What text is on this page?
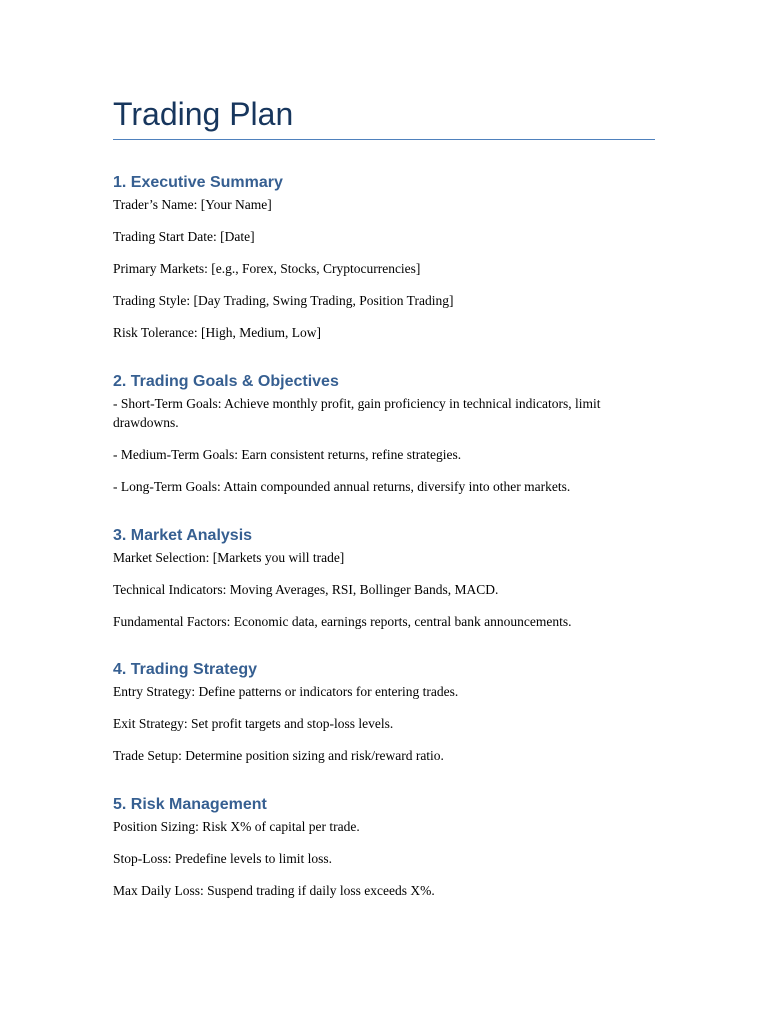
Trading Plan
1. Executive Summary

Trader’s Name: [Your Name]

Trading Start Date: [Date]

Primary Markets: [e.g., Forex, Stocks, Cryptocurrencies]

Trading Style: [Day Trading, Swing Trading, Position Trading]

Risk Tolerance: [High, Medium, Low]

2. Trading Goals & Objectives

- Short-Term Goals: Achieve monthly profit, gain proficiency in technical indicators, limit drawdowns.

- Medium-Term Goals: Earn consistent returns, refine strategies.

- Long-Term Goals: Attain compounded annual returns, diversify into other markets.

3. Market Analysis

Market Selection: [Markets you will trade]

Technical Indicators: Moving Averages, RSI, Bollinger Bands, MACD.

Fundamental Factors: Economic data, earnings reports, central bank announcements.

4. Trading Strategy

Entry Strategy: Define patterns or indicators for entering trades.

Exit Strategy: Set profit targets and stop-loss levels.

Trade Setup: Determine position sizing and risk/reward ratio.

5. Risk Management

Position Sizing: Risk X% of capital per trade.

Stop-Loss: Predefine levels to limit loss.

Max Daily Loss: Suspend trading if daily loss exceeds X%.
